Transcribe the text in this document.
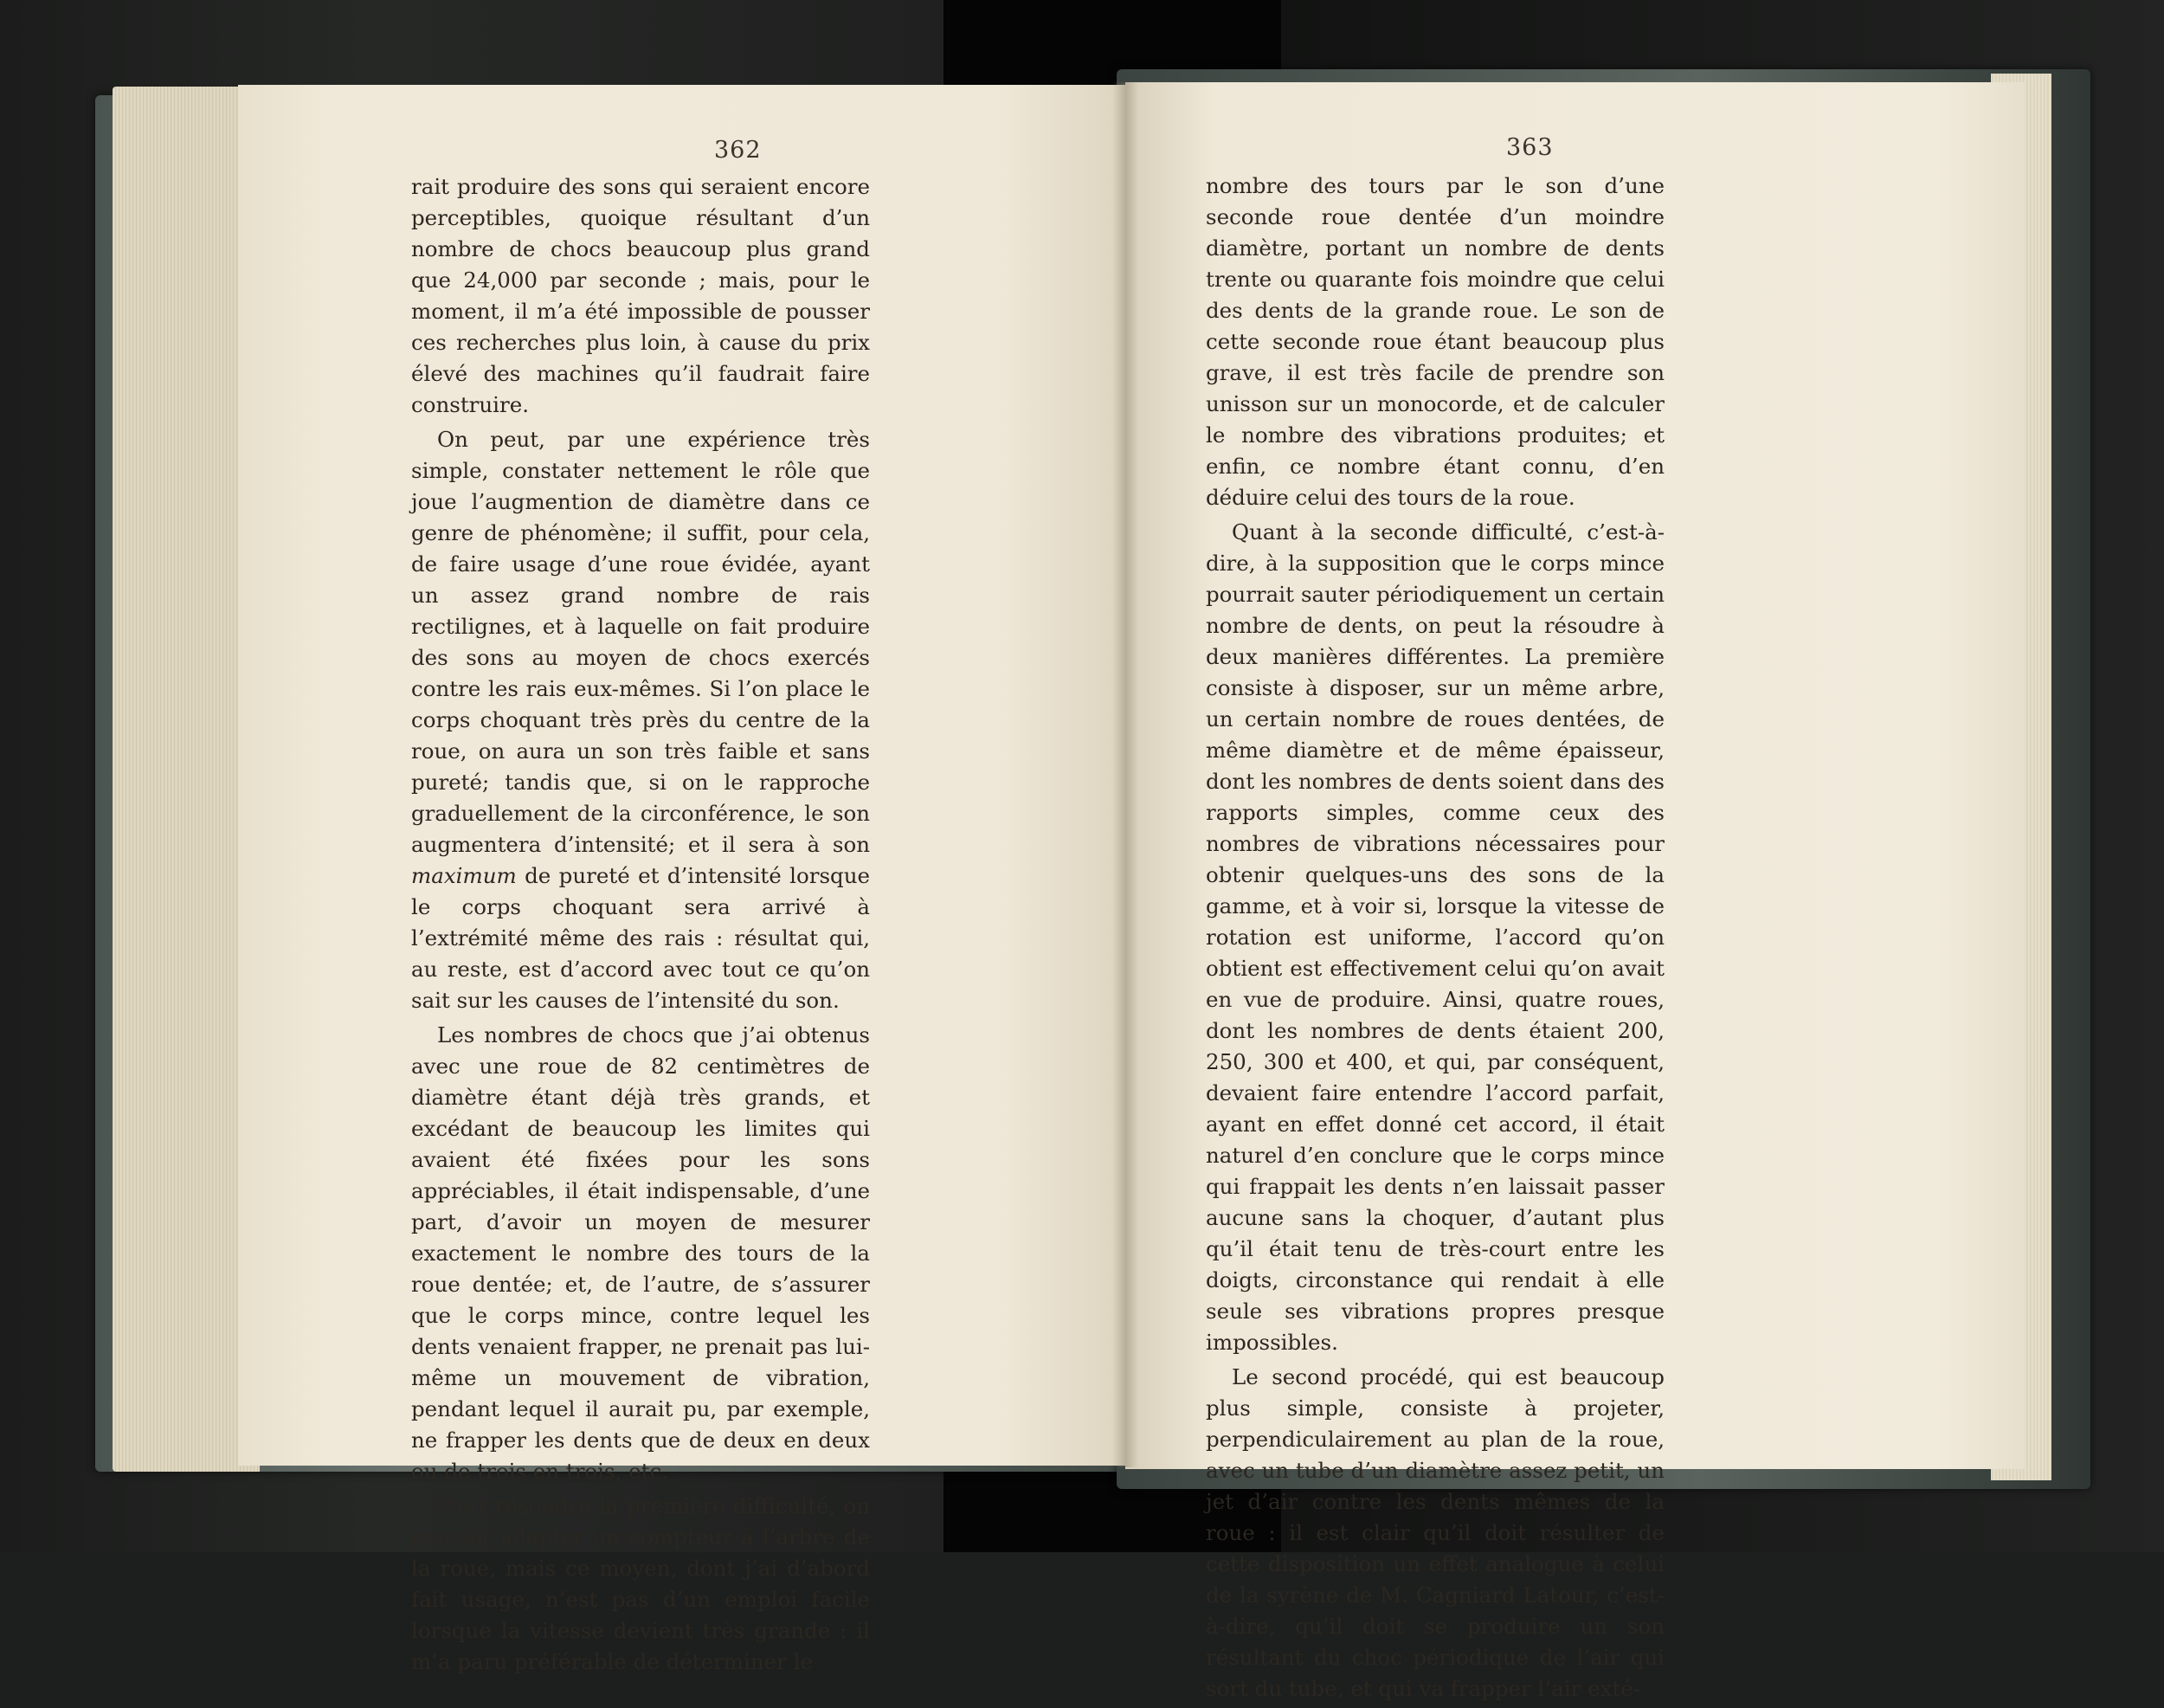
362

rait produire des sons qui seraient encore perceptibles, quoique résultant d’un nombre de chocs beaucoup plus grand que 24,000 par seconde ; mais, pour le moment, il m’a été impossible de pousser ces recherches plus loin, à cause du prix élevé des machines qu’il faudrait faire construire.

On peut, par une expérience très simple, constater nettement le rôle que joue l’augmention de diamètre dans ce genre de phénomène; il suffit, pour cela, de faire usage d’une roue évidée, ayant un assez grand nombre de rais rectilignes, et à laquelle on fait produire des sons au moyen de chocs exercés contre les rais eux-mêmes. Si l’on place le corps choquant très près du centre de la roue, on aura un son très faible et sans pureté; tandis que, si on le rapproche graduellement de la circonférence, le son augmentera d’intensité; et il sera à son maximum de pureté et d’intensité lorsque le corps choquant sera arrivé à l’extrémité même des rais : résultat qui, au reste, est d’accord avec tout ce qu’on sait sur les causes de l’intensité du son.

Les nombres de chocs que j’ai obtenus avec une roue de 82 centimètres de diamètre étant déjà très grands, et excédant de beaucoup les limites qui avaient été fixées pour les sons appréciables, il était indispensable, d’une part, d’avoir un moyen de mesurer exactement le nombre des tours de la roue dentée; et, de l’autre, de s’assurer que le corps mince, contre lequel les dents venaient frapper, ne prenait pas lui-même un mouvement de vibration, pendant lequel il aurait pu, par exemple, ne frapper les dents que de deux en deux ou de trois en trois, etc.

Pour résoudre la première difficulté, on pouvait adapter un compteur à l’arbre de la roue, mais ce moyen, dont j’ai d’abord fait usage, n’est pas d’un emploi facile lorsque la vitesse devient très grande : il m’a paru préférable de déterminer le

363

nombre des tours par le son d’une seconde roue dentée d’un moindre diamètre, portant un nombre de dents trente ou quarante fois moindre que celui des dents de la grande roue. Le son de cette seconde roue étant beaucoup plus grave, il est très facile de prendre son unisson sur un monocorde, et de calculer le nombre des vibrations produites; et enfin, ce nombre étant connu, d’en déduire celui des tours de la roue.

Quant à la seconde difficulté, c’est-à-dire, à la supposition que le corps mince pourrait sauter périodiquement un certain nombre de dents, on peut la résoudre à deux manières différentes. La première consiste à disposer, sur un même arbre, un certain nombre de roues dentées, de même diamètre et de même épaisseur, dont les nombres de dents soient dans des rapports simples, comme ceux des nombres de vibrations nécessaires pour obtenir quelques-uns des sons de la gamme, et à voir si, lorsque la vitesse de rotation est uniforme, l’accord qu’on obtient est effectivement celui qu’on avait en vue de produire. Ainsi, quatre roues, dont les nombres de dents étaient 200, 250, 300 et 400, et qui, par conséquent, devaient faire entendre l’accord parfait, ayant en effet donné cet accord, il était naturel d’en conclure que le corps mince qui frappait les dents n’en laissait passer aucune sans la choquer, d’autant plus qu’il était tenu de très-court entre les doigts, circonstance qui rendait à elle seule ses vibrations propres presque impossibles.

Le second procédé, qui est beaucoup plus simple, consiste à projeter, perpendiculairement au plan de la roue, avec un tube d’un diamètre assez petit, un jet d’air contre les dents mêmes de la roue : il est clair qu’il doit résulter de cette disposition un effet analogue à celui de la syrène de M. Cagniard Latour, c’est-à-dire, qu’il doit se produire un son résultant du choc périodique de l’air qui sort du tube, et qui va frapper l’air exté-
